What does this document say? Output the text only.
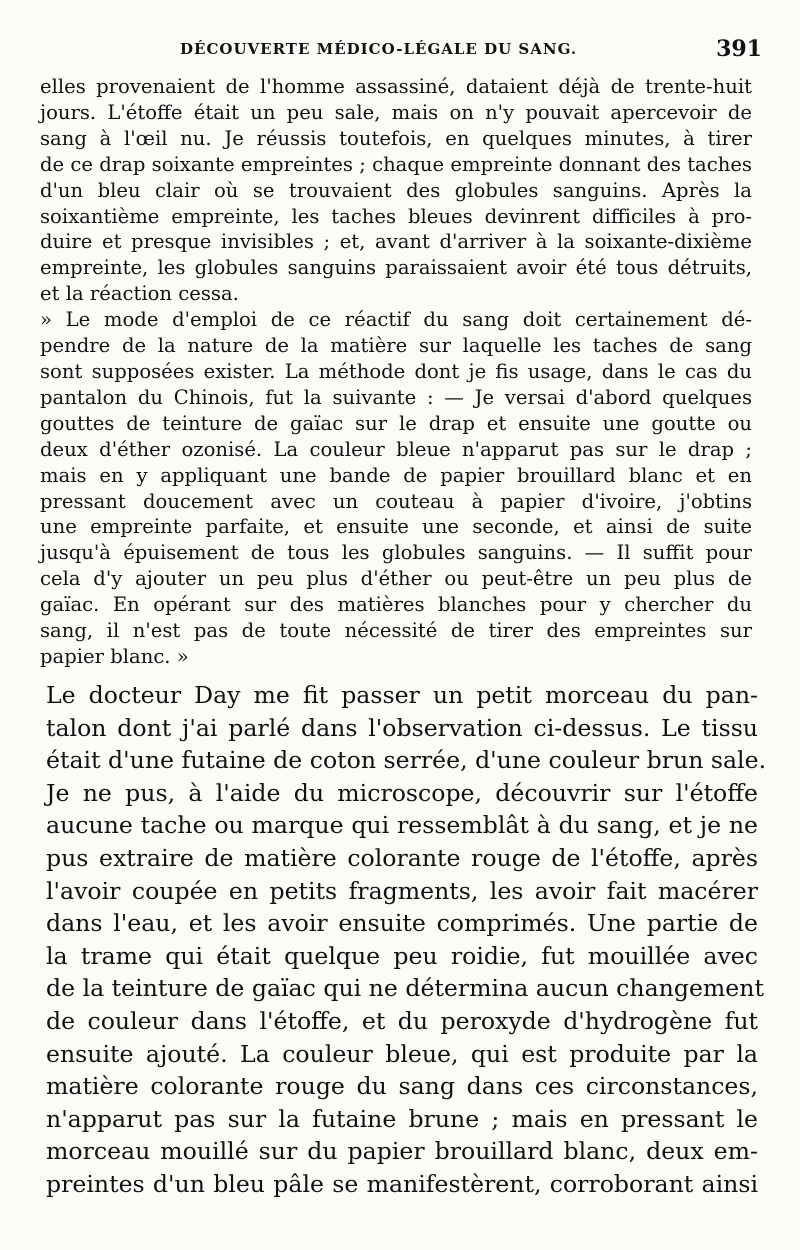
DÉCOUVERTE MÉDICO-LÉGALE DU SANG.	391
elles provenaient de l'homme assassiné, dataient déjà de trente-huit
jours. L'étoffe était un peu sale, mais on n'y pouvait apercevoir de
sang à l'œil nu. Je réussis toutefois, en quelques minutes, à tirer
de ce drap soixante empreintes ; chaque empreinte donnant des taches
d'un bleu clair où se trouvaient des globules sanguins. Après la
soixantième empreinte, les taches bleues devinrent difficiles à pro-
duire et presque invisibles ; et, avant d'arriver à la soixante-dixième
empreinte, les globules sanguins paraissaient avoir été tous détruits,
et la réaction cessa.
» Le mode d'emploi de ce réactif du sang doit certainement dé-
pendre de la nature de la matière sur laquelle les taches de sang
sont supposées exister. La méthode dont je fis usage, dans le cas du
pantalon du Chinois, fut la suivante : — Je versai d'abord quelques
gouttes de teinture de gaïac sur le drap et ensuite une goutte ou
deux d'éther ozonisé. La couleur bleue n'apparut pas sur le drap ;
mais en y appliquant une bande de papier brouillard blanc et en
pressant doucement avec un couteau à papier d'ivoire, j'obtins
une empreinte parfaite, et ensuite une seconde, et ainsi de suite
jusqu'à épuisement de tous les globules sanguins. — Il suffit pour
cela d'y ajouter un peu plus d'éther ou peut-être un peu plus de
gaïac. En opérant sur des matières blanches pour y chercher du
sang, il n'est pas de toute nécessité de tirer des empreintes sur
papier blanc. »
Le docteur Day me fit passer un petit morceau du pan-
talon dont j'ai parlé dans l'observation ci-dessus. Le tissu
était d'une futaine de coton serrée, d'une couleur brun sale.
Je ne pus, à l'aide du microscope, découvrir sur l'étoffe
aucune tache ou marque qui ressemblât à du sang, et je ne
pus extraire de matière colorante rouge de l'étoffe, après
l'avoir coupée en petits fragments, les avoir fait macérer
dans l'eau, et les avoir ensuite comprimés. Une partie de
la trame qui était quelque peu roidie, fut mouillée avec
de la teinture de gaïac qui ne détermina aucun changement
de couleur dans l'étoffe, et du peroxyde d'hydrogène fut
ensuite ajouté. La couleur bleue, qui est produite par la
matière colorante rouge du sang dans ces circonstances,
n'apparut pas sur la futaine brune ; mais en pressant le
morceau mouillé sur du papier brouillard blanc, deux em-
preintes d'un bleu pâle se manifestèrent, corroborant ainsi
